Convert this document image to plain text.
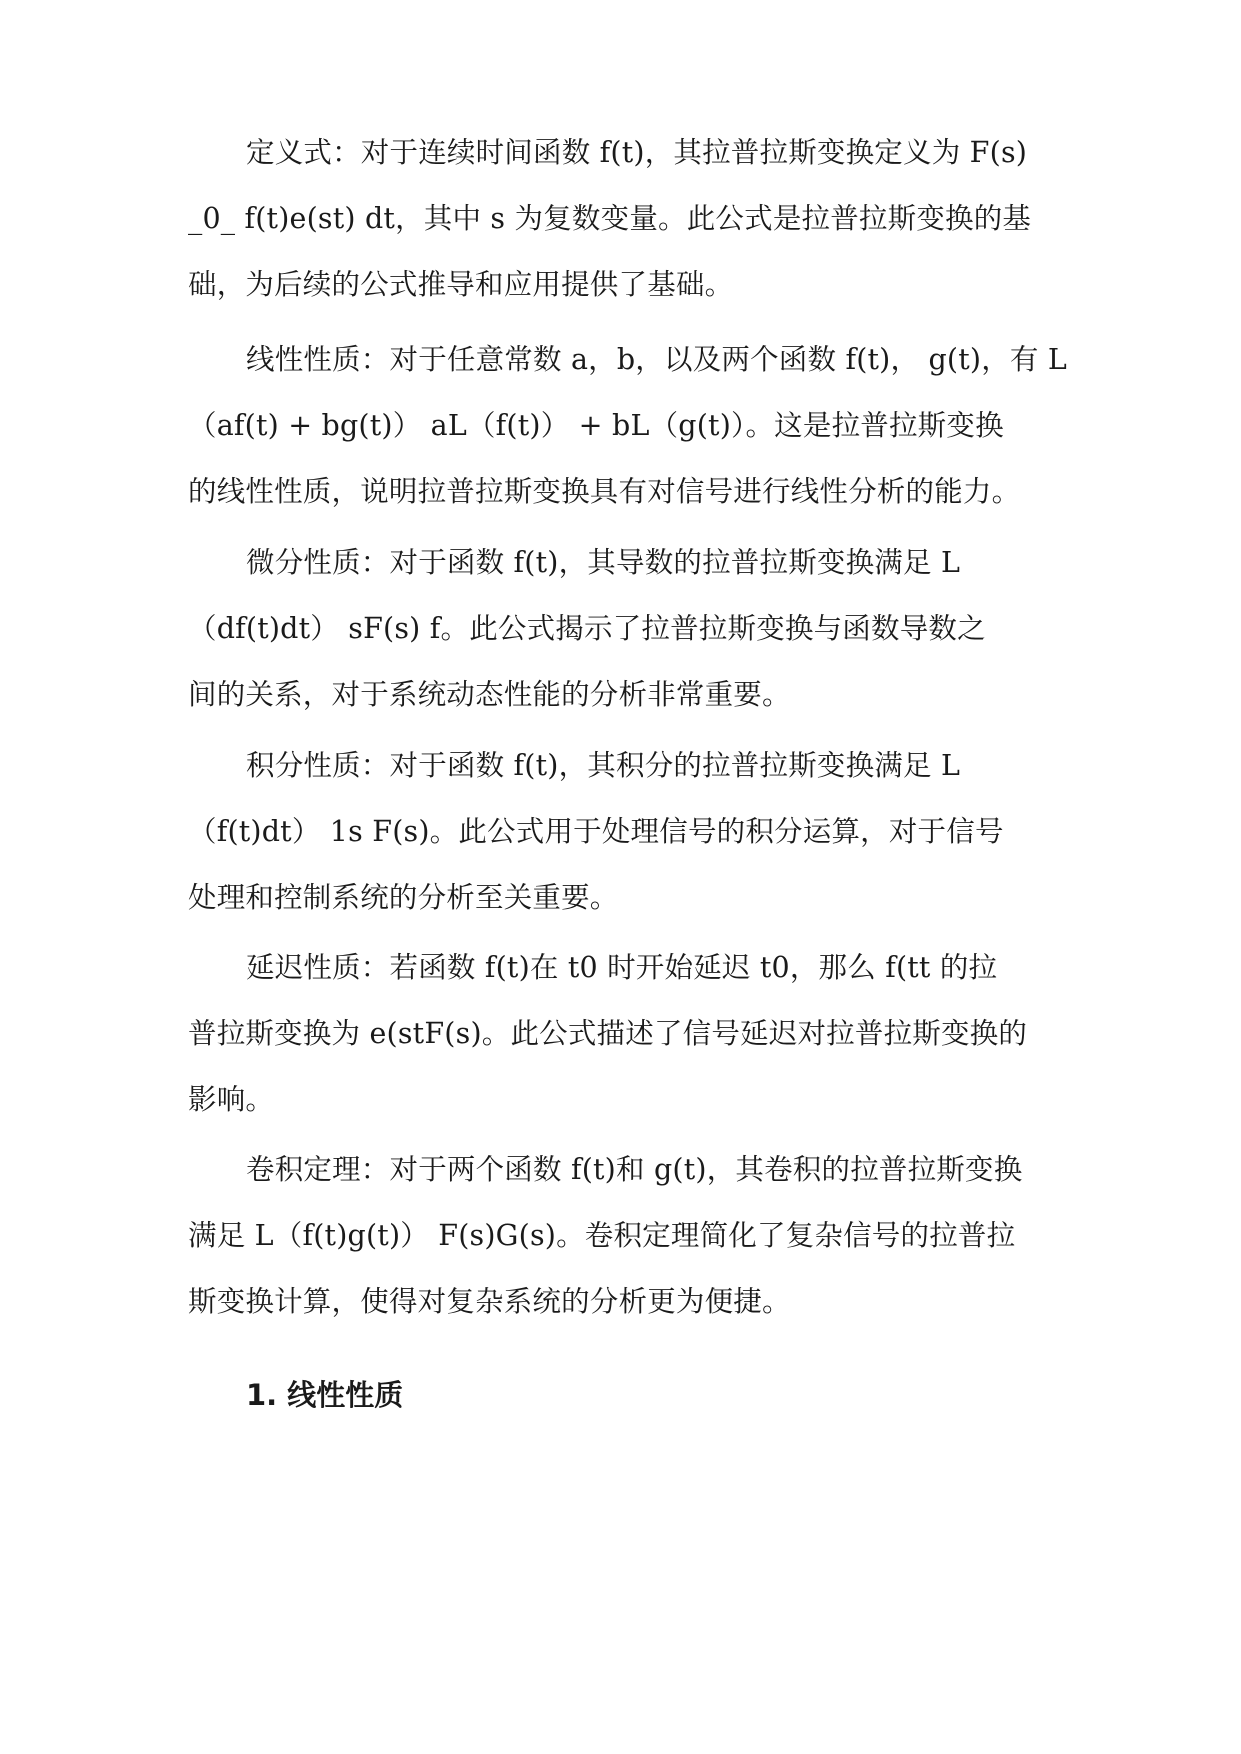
定义式：对于连续时间函数 f(t)，其拉普拉斯变换定义为 F(s)
_0_ f(t)e(st) dt，其中 s 为复数变量。此公式是拉普拉斯变换的基
础，为后续的公式推导和应用提供了基础。
线性性质：对于任意常数 a，b，以及两个函数 f(t)， g(t)，有 L
（af(t) + bg(t)） aL（f(t)） + bL（g(t)）。这是拉普拉斯变换
的线性性质，说明拉普拉斯变换具有对信号进行线性分析的能力。
微分性质：对于函数 f(t)，其导数的拉普拉斯变换满足 L
（df(t)dt） sF(s) f。此公式揭示了拉普拉斯变换与函数导数之
间的关系，对于系统动态性能的分析非常重要。
积分性质：对于函数 f(t)，其积分的拉普拉斯变换满足 L
（f(t)dt） 1s F(s)。此公式用于处理信号的积分运算，对于信号
处理和控制系统的分析至关重要。
延迟性质：若函数 f(t)在 t0 时开始延迟 t0，那么 f(tt 的拉
普拉斯变换为 e(stF(s)。此公式描述了信号延迟对拉普拉斯变换的
影响。
卷积定理：对于两个函数 f(t)和 g(t)，其卷积的拉普拉斯变换
满足 L（f(t)g(t)） F(s)G(s)。卷积定理简化了复杂信号的拉普拉
斯变换计算，使得对复杂系统的分析更为便捷。
1. 线性性质
